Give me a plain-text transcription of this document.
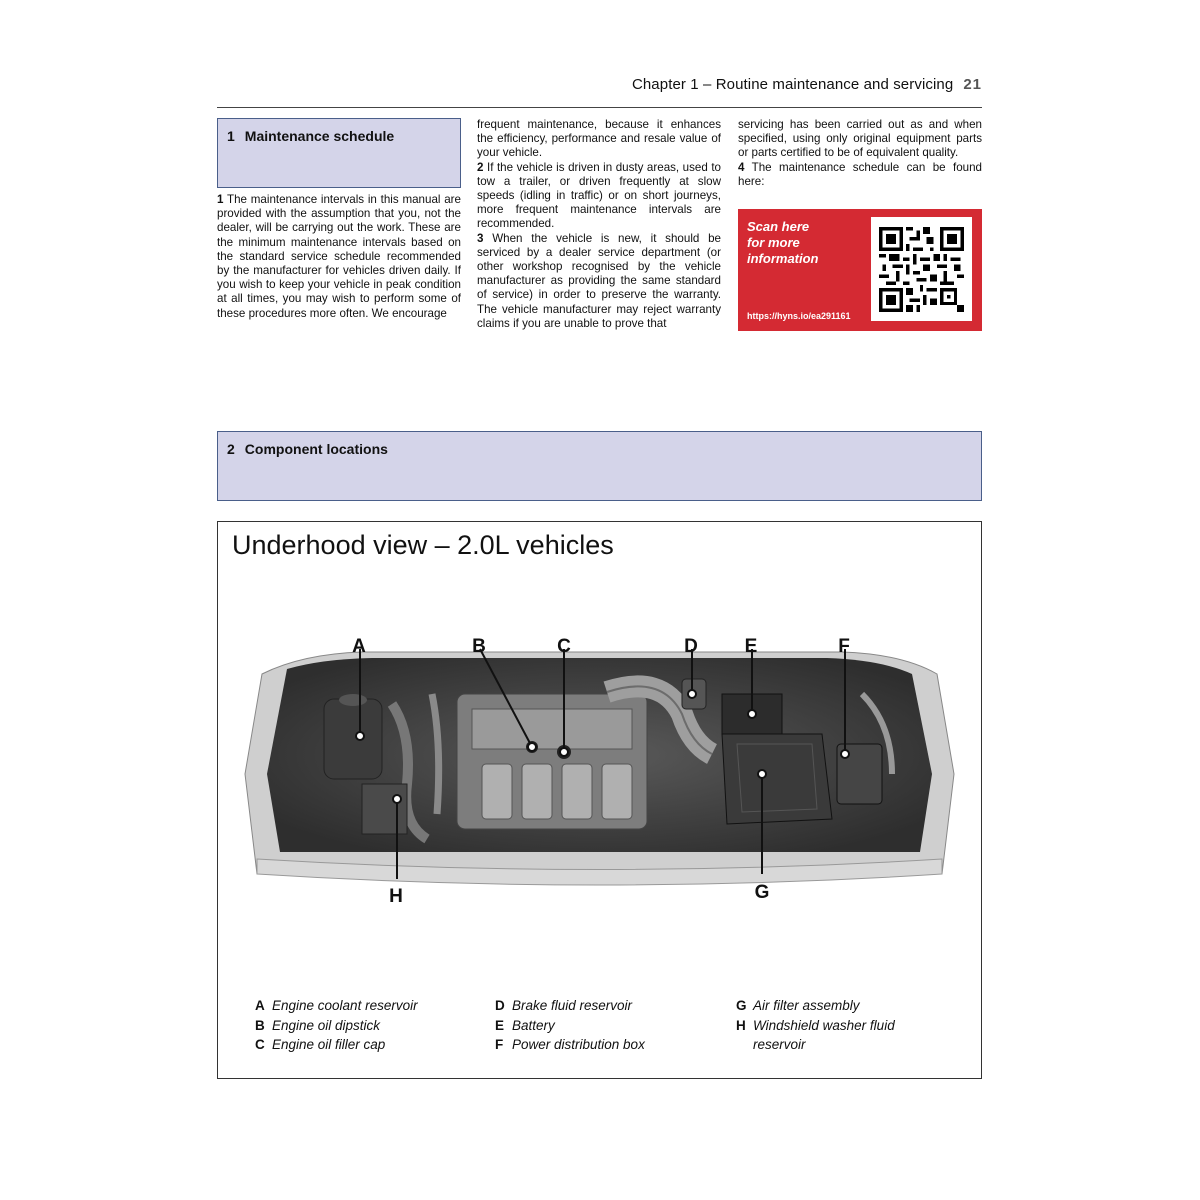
Chapter 1 – Routine maintenance and servicing 21
1 Maintenance schedule

1 The maintenance intervals in this manual are provided with the assumption that you, not the dealer, will be carrying out the work. These are the minimum maintenance intervals based on the standard service schedule recommended by the manufacturer for vehicles driven daily. If you wish to keep your vehicle in peak condition at all times, you may wish to perform some of these procedures more often. We encourage

frequent maintenance, because it enhances the efficiency, performance and resale value of your vehicle.

2 If the vehicle is driven in dusty areas, used to tow a trailer, or driven frequently at slow speeds (idling in traffic) or on short journeys, more frequent maintenance intervals are recommended.

3 When the vehicle is new, it should be serviced by a dealer service department (or other workshop recognised by the vehicle manufacturer as providing the same standard of service) in order to preserve the warranty. The vehicle manufacturer may reject warranty claims if you are unable to prove that

servicing has been carried out as and when specified, using only original equipment parts or parts certified to be of equivalent quality.

4 The maintenance schedule can be found here:

Scan here
for more
information
https://hyns.io/ea291161
2 Component locations
Underhood view – 2.0L vehicles
A	B	C	D E	F
G
H
A Engine coolant reservoir
B Engine oil dipstick
C Engine oil filler cap
D Brake fluid reservoir
E Battery
F Power distribution box
G Air filter assembly
H Windshield washer fluid
reservoir
